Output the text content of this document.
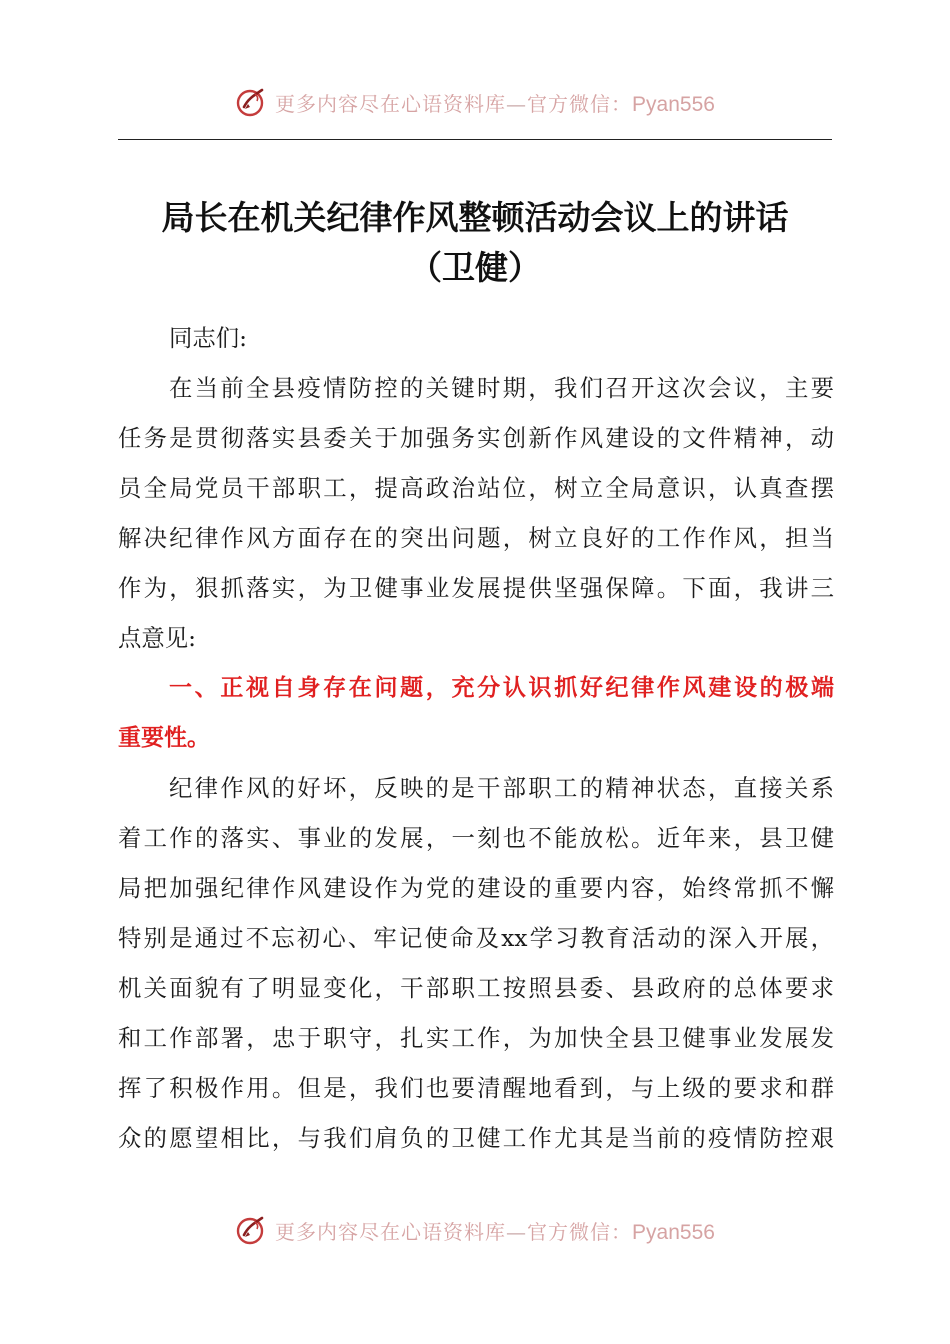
更多内容尽在心语资料库—官方微信：Pyan556
局长在机关纪律作风整顿活动会议上的讲话
（卫健）
同志们:
在当前全县疫情防控的关键时期，我们召开这次会议，主要
任务是贯彻落实县委关于加强务实创新作风建设的文件精神，动
员全局党员干部职工，提高政治站位，树立全局意识，认真查摆
解决纪律作风方面存在的突出问题，树立良好的工作作风，担当
作为，狠抓落实，为卫健事业发展提供坚强保障。下面，我讲三
点意见:
一、正视自身存在问题，充分认识抓好纪律作风建设的极端
重要性。
纪律作风的好坏，反映的是干部职工的精神状态，直接关系
着工作的落实、事业的发展，一刻也不能放松。近年来，县卫健
局把加强纪律作风建设作为党的建设的重要内容，始终常抓不懈
特别是通过不忘初心、牢记使命及xx学习教育活动的深入开展，
机关面貌有了明显变化，干部职工按照县委、县政府的总体要求
和工作部署，忠于职守，扎实工作，为加快全县卫健事业发展发
挥了积极作用。但是，我们也要清醒地看到，与上级的要求和群
众的愿望相比，与我们肩负的卫健工作尤其是当前的疫情防控艰
更多内容尽在心语资料库—官方微信：Pyan556
